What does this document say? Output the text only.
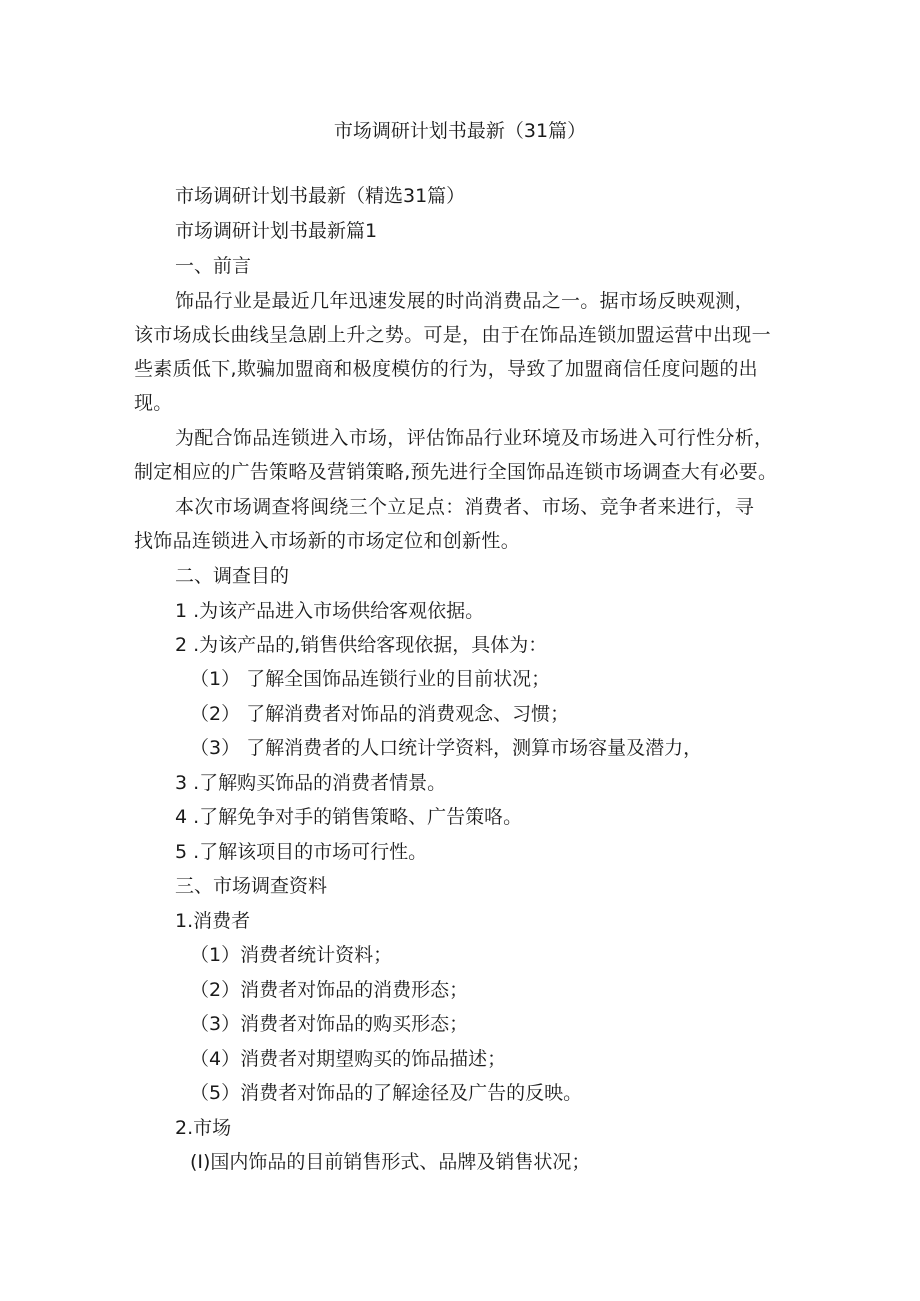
市场调研计划书最新（31篇）
市场调研计划书最新（精选31篇）
市场调研计划书最新篇1
一、前言
饰品行业是最近几年迅速发展的时尚消费品之一。据市场反映观测，
该市场成长曲线呈急剧上升之势。可是，由于在饰品连锁加盟运营中出现一
些素质低下,欺骗加盟商和极度模仿的行为，导致了加盟商信任度问题的出
现。
为配合饰品连锁进入市场，评估饰品行业环境及市场进入可行性分析，
制定相应的广告策略及营销策略,预先进行全国饰品连锁市场调查大有必要。
本次市场调查将闽绕三个立足点：消费者、市场、竞争者来进行，寻
找饰品连锁进入市场新的市场定位和创新性。
二、调查目的
1 .为该产品进入市场供给客观依据。
2 .为该产品的,销售供给客现依据，具体为：
（1） 了解全国饰品连锁行业的目前状况；
（2） 了解消费者对饰品的消费观念、习惯；
（3） 了解消费者的人口统计学资料，测算市场容量及潜力，
3 .了解购买饰品的消费者情景。
4 .了解免争对手的销售策略、广告策咯。
5 .了解该项目的市场可行性。
三、市场调查资料
1.消费者
（1）消费者统计资料；
（2）消费者对饰品的消费形态；
（3）消费者对饰品的购买形态；
（4）消费者对期望购买的饰品描述；
（5）消费者对饰品的了解途径及广告的反映。
2.市场
(I)国内饰品的目前销售形式、品牌及销售状况；
